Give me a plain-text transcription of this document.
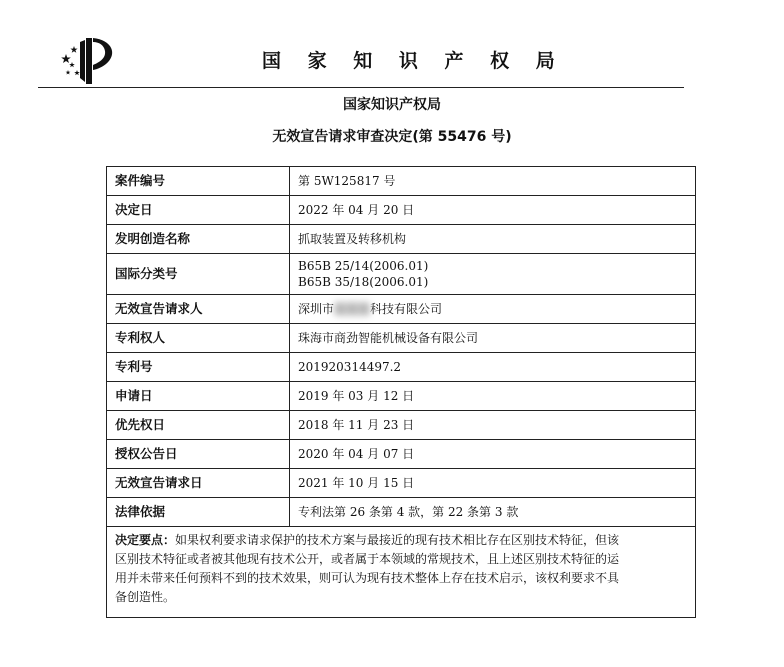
国 家 知 识 产 权 局
国家知识产权局
无效宣告请求审查决定(第 55476 号)
案件编号	第 5W125817 号
决定日	2022 年 04 月 20 日
发明创造名称	抓取装置及转移机构
国际分类号	B65B 25/14(2006.01)
B65B 35/18(2006.01)

无效宣告请求人	深圳市某某某科技有限公司
专利权人	珠海市商劲智能机械设备有限公司
专利号	201920314497.2
申请日	2019 年 03 月 12 日
优先权日	2018 年 11 月 23 日
授权公告日	2020 年 04 月 07 日
无效宣告请求日	2021 年 10 月 15 日
法律依据	专利法第 26 条第 4 款，第 22 条第 3 款
决定要点：如果权利要求请求保护的技术方案与最接近的现有技术相比存在区别技术特征，但该
区别技术特征或者被其他现有技术公开，或者属于本领域的常规技术，且上述区别技术特征的运
用并未带来任何预料不到的技术效果，则可认为现有技术整体上存在技术启示，该权利要求不具
备创造性。	
